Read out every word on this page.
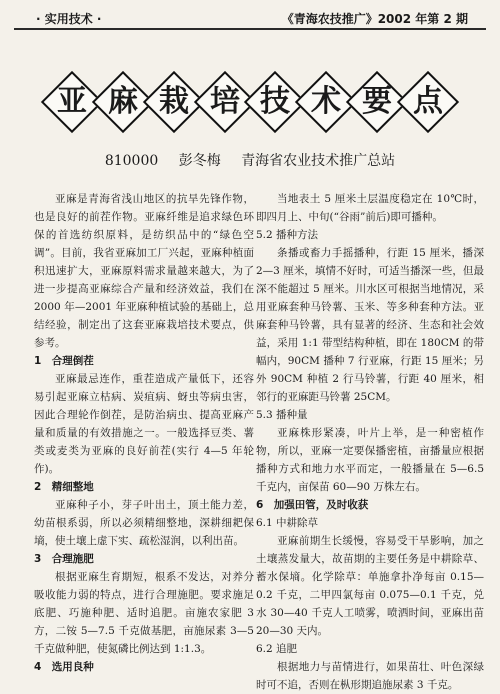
· 实用技术 ·	《青海农技推广》2002 年第 2 期
亚 麻 栽 培 技 术 要 点
810000 彭冬梅 青海省农业技术推广总站

亚麻是青海省浅山地区的抗旱先锋作物，也是良好的前茬作物。亚麻纤维是追求绿色环保的首选纺织原料，是纺织品中的“绿色空调”。目前，我省亚麻加工厂兴起，亚麻种植面积迅速扩大，亚麻原料需求量越来越大，为了进一步提高亚麻综合产量和经济效益，我们在 2000 年—2001 年亚麻种植试验的基础上，总结经验，制定出了这套亚麻栽培技术要点，供参考。

1　合理倒茬

亚麻最忌连作，重茬造成产量低下，还容易引起亚麻立枯病、炭疽病、蚜虫等病虫害，因此合理轮作倒茬，是防治病虫、提高亚麻产量和质量的有效措施之一。一般选择豆类、薯类或麦类为亚麻的良好前茬(实行 4—5 年轮作)。

2　精细整地

亚麻种子小，芽子叶出土，顶土能力差，幼苗根系弱，所以必须精细整地，深耕细耙保墒，使土壤上虚下实、疏松湿润，以利出苗。

3　合理施肥

根据亚麻生育期短，根系不发达，对养分吸收能力弱的特点，进行合理施肥。要求施足底肥、巧施种肥、适时追肥。亩施农家肥 3 方，二铵 5—7.5 千克做基肥，亩施尿素 3—5 千克做种肥，使氮磷比例达到 1:1.3。

4　选用良种

当地表土 5 厘米土层温度稳定在 10℃时，即四月上、中旬(“谷雨”前后)即可播种。

5.2 播种方法

条播或畜力手摇播种，行距 15 厘米，播深 2—3 厘米，填情不好时，可适当播深一些，但最深不能超过 5 厘米。川水区可根据当地情况，采用亚麻套种马铃薯、玉米、等多种套种方法。亚麻套种马铃薯，具有显著的经济、生态和社会效益，采用 1:1 带型结构种植，即在 180CM 的带幅内，90CM 播种 7 行亚麻，行距 15 厘米；另外 90CM 种植 2 行马铃薯，行距 40 厘米，相邻行的亚麻距马铃薯 25CM。

5.3 播种量

亚麻株形紧凑，叶片上举，是一种密植作物，所以，亚麻一定要保播密植，亩播量应根据播种方式和地力水平而定，一般播量在 5—6.5 千克内，亩保苗 60—90 万株左右。

6　加强田管，及时收获
6.1 中耕除草

亚麻前期生长缓慢，容易受干旱影响，加之土壤蒸发量大，故苗期的主要任务是中耕除草、蓄水保墒。化学除草：单施拿扑净每亩 0.15—0.2 千克，二甲四氯每亩 0.075—0.1 千克，兑水 30—40 千克人工喷雾，喷洒时间，亚麻出苗 20—30 天内。

6.2 追肥

根据地力与苗情进行，如果苗壮、叶色深绿时可不追，否则在枞形期追施尿素 3 千克。
